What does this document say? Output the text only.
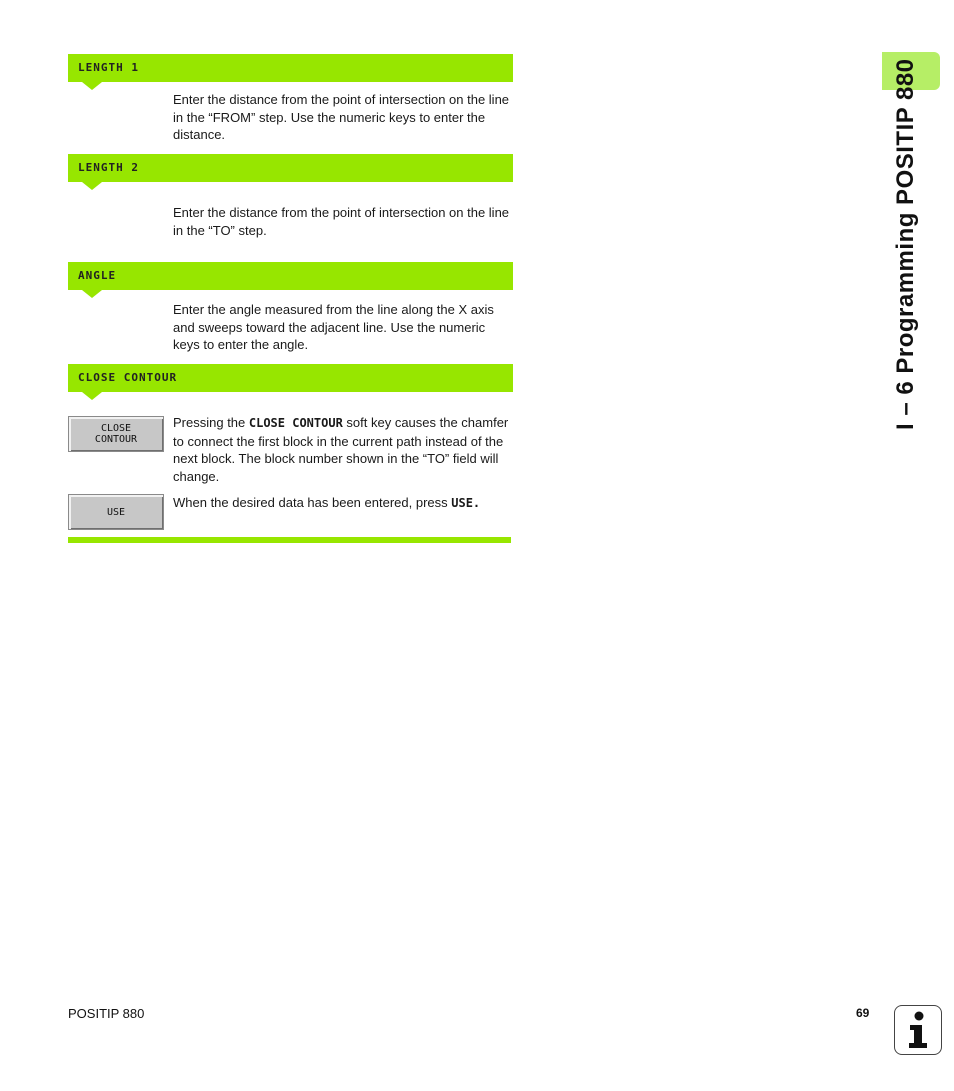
LENGTH 1
Enter the distance from the point of intersection on the line in the “FROM” step. Use the numeric keys to enter the distance.
LENGTH 2
Enter the distance from the point of intersection on the line in the “TO” step.
ANGLE
Enter the angle measured from the line along the X axis and sweeps toward the adjacent line. Use the numeric keys to enter the angle.
CLOSE CONTOUR
CLOSE
CONTOUR
Pressing the CLOSE CONTOUR soft key causes the chamfer to connect the first block in the current path instead of the next block. The block number shown in the “TO” field will change.
USE
When the desired data has been entered, press USE.
I – 6 Programming POSITIP 880
POSITIP 880	69
